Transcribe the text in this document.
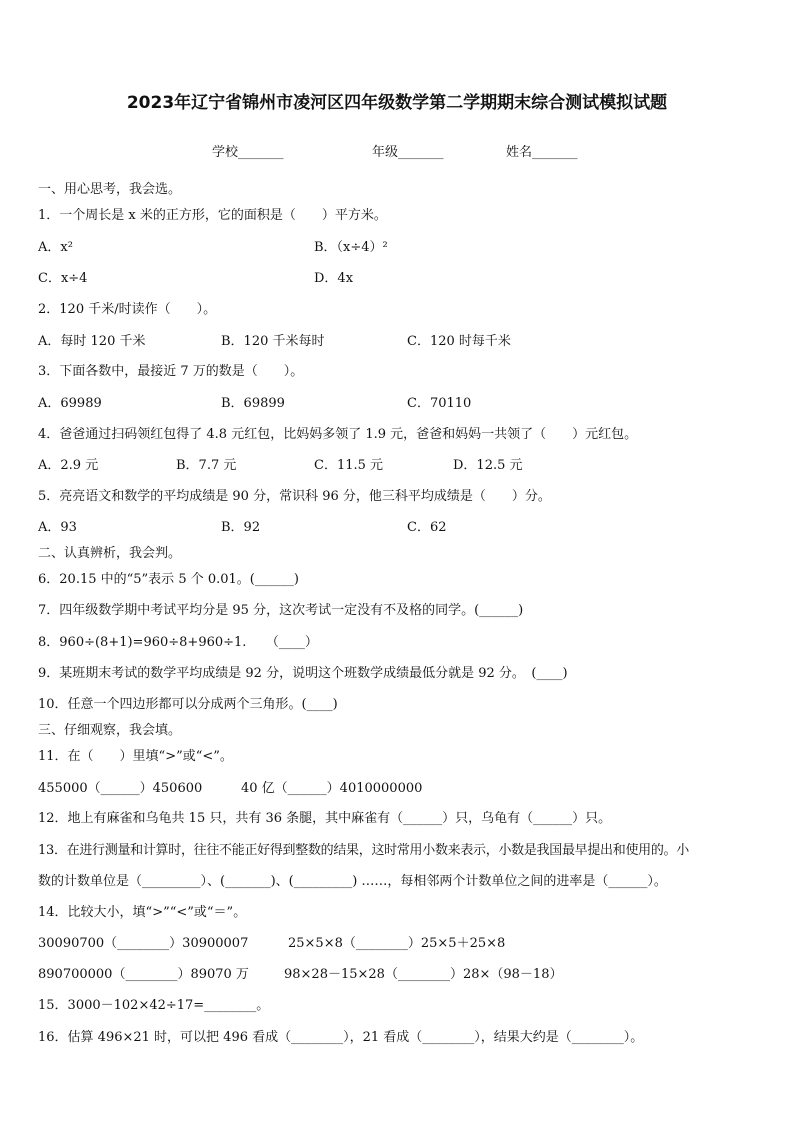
2023年辽宁省锦州市凌河区四年级数学第二学期期末综合测试模拟试题
学校_______	年级_______	姓名_______
一、用心思考，我会选。
1．一个周长是 x 米的正方形，它的面积是（　　）平方米。
A．x²	B．（x÷4）²
C．x÷4	D．4x
2．120 千米/时读作（　　）。
A．每时 120 千米	B．120 千米每时	C．120 时每千米
3．下面各数中，最接近 7 万的数是（　　）。
A．69989	B．69899	C．70110
4．爸爸通过扫码领红包得了 4.8 元红包，比妈妈多领了 1.9 元，爸爸和妈妈一共领了（　　）元红包。
A．2.9 元	B．7.7 元	C．11.5 元	D．12.5 元
5．亮亮语文和数学的平均成绩是 90 分，常识科 96 分，他三科平均成绩是（　　）分。
A．93	B．92	C．62
二、认真辨析，我会判。
6．20.15 中的“5”表示 5 个 0.01。(______)
7．四年级数学期中考试平均分是 95 分，这次考试一定没有不及格的同学。(______)
8．960÷(8+1)=960÷8+960÷1.　　（____）
9．某班期末考试的数学平均成绩是 92 分，说明这个班数学成绩最低分就是 92 分。　(____)
10．任意一个四边形都可以分成两个三角形。(____)
三、仔细观察，我会填。
11．在（　　）里填“>”或“<”。
455000（______）450600	40 亿（______）4010000000
12．地上有麻雀和乌龟共 15 只，共有 36 条腿，其中麻雀有（______）只，乌龟有（______）只。
13．在进行测量和计算时，往往不能正好得到整数的结果，这时常用小数来表示，小数是我国最早提出和使用的。小
数的计数单位是（_________）、(_______)、(_________) ……，每相邻两个计数单位之间的进率是（______）。
14．比较大小，填“>”“<”或“＝”。
30090700（________）30900007	25×5×8（________）25×5＋25×8
890700000（________）89070 万	98×28－15×28（________）28×（98－18）
15．3000－102×42÷17=________。
16．估算 496×21 时，可以把 496 看成（________），21 看成（________），结果大约是（________）。
